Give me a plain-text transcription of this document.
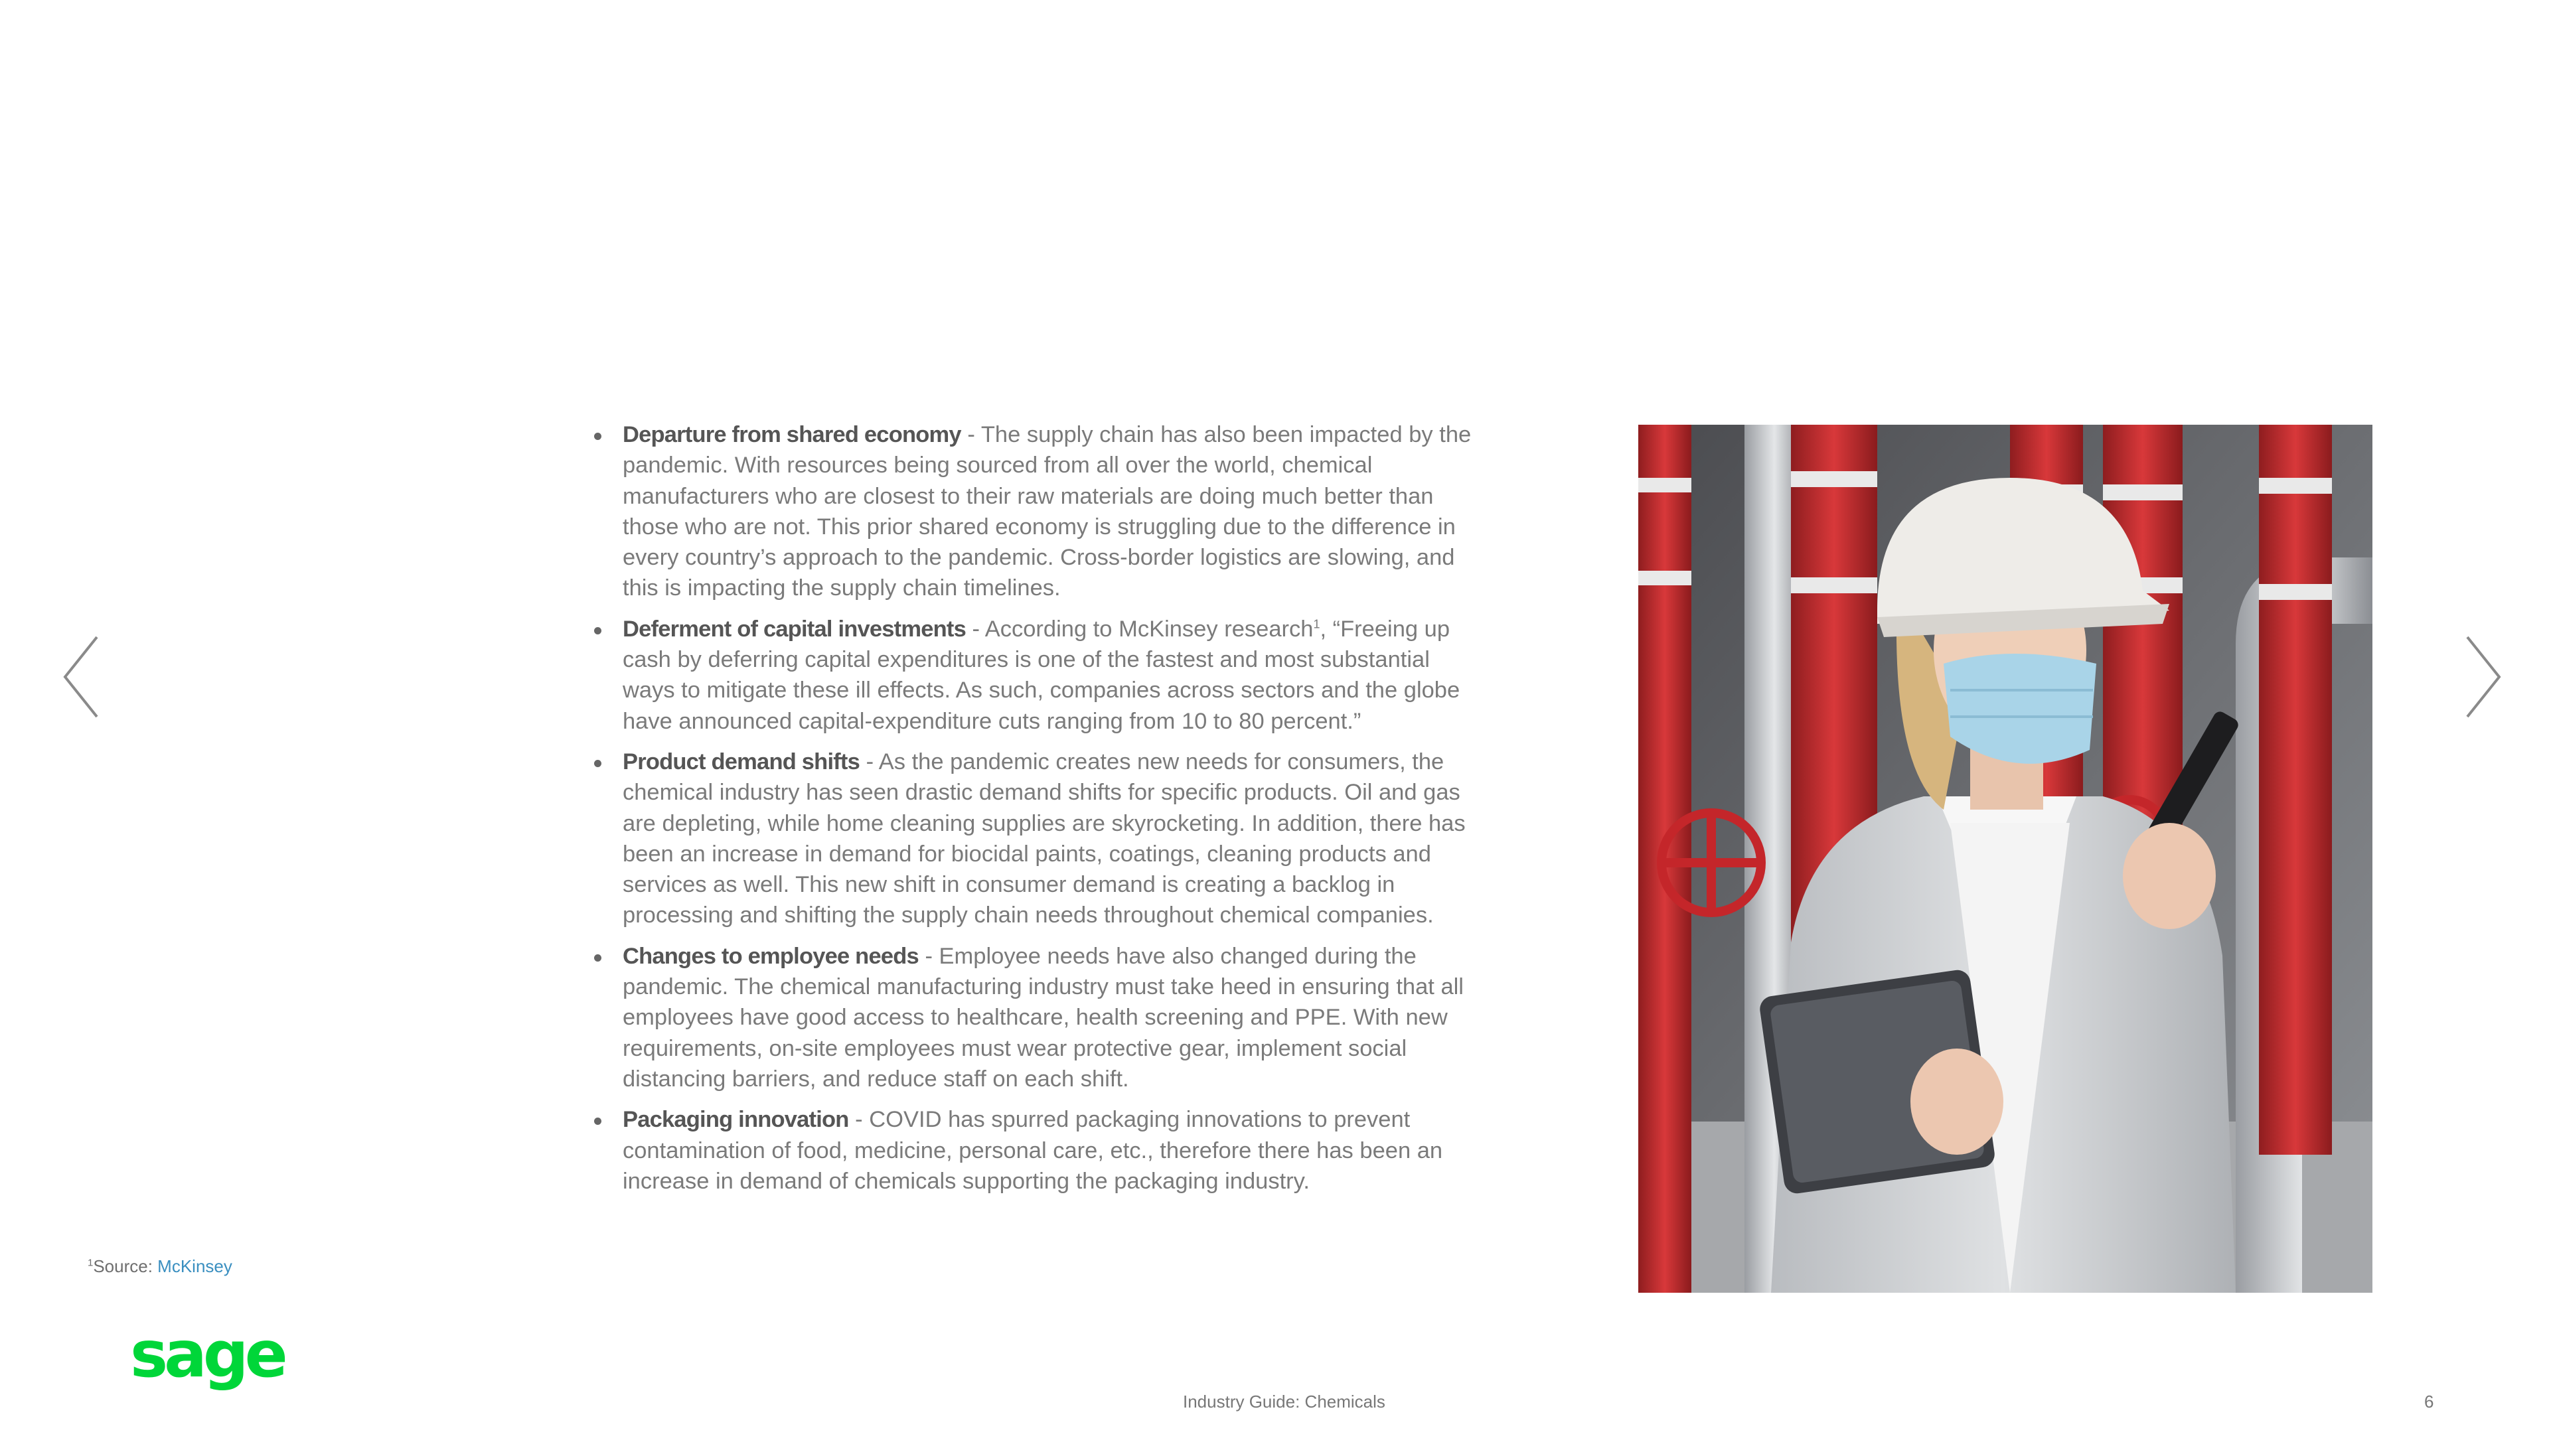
Departure from shared economy - The supply chain has also been impacted by the pandemic. With resources being sourced from all over the world, chemical manufacturers who are closest to their raw materials are doing much better than those who are not. This prior shared economy is struggling due to the difference in every country’s approach to the pandemic. Cross-border logistics are slowing, and this is impacting the supply chain timelines.
Deferment of capital investments - According to McKinsey research$^1$, “Freeing up cash by deferring capital expenditures is one of the fastest and most substantial ways to mitigate these ill effects. As such, companies across sectors and the globe have announced capital-expenditure cuts ranging from 10 to 80 percent.”
Product demand shifts - As the pandemic creates new needs for consumers, the chemical industry has seen drastic demand shifts for specific products. Oil and gas are depleting, while home cleaning supplies are skyrocketing. In addition, there has been an increase in demand for biocidal paints, coatings, cleaning products and services as well. This new shift in consumer demand is creating a backlog in processing and shifting the supply chain needs throughout chemical companies.
Changes to employee needs - Employee needs have also changed during the pandemic. The chemical manufacturing industry must take heed in ensuring that all employees have good access to healthcare, health screening and PPE. With new requirements, on-site employees must wear protective gear, implement social distancing barriers, and reduce staff on each shift.
Packaging innovation - COVID has spurred packaging innovations to prevent contamination of food, medicine, personal care, etc., therefore there has been an increase in demand of chemicals supporting the packaging industry.
$^1$Source: McKinsey
sage
Industry Guide: Chemicals	6
